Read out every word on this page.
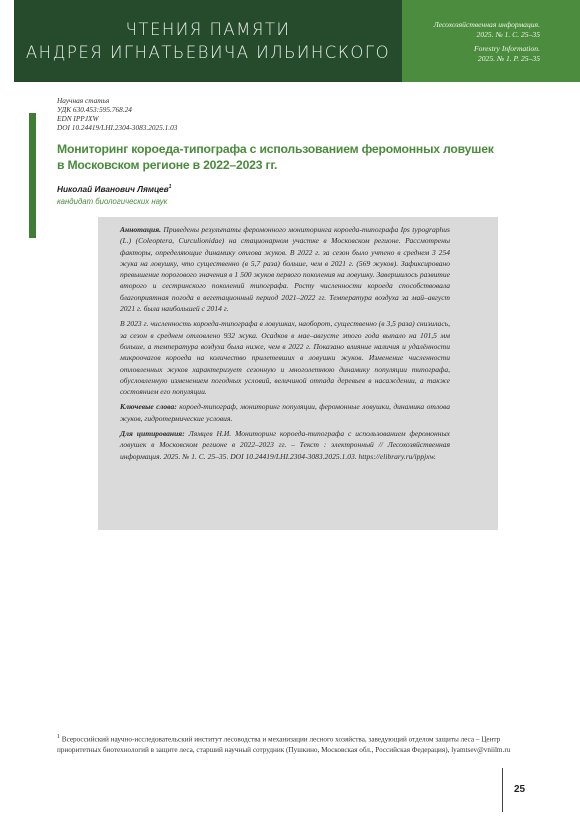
ЧТЕНИЯ ПАМЯТИ
АНДРЕЯ ИГНАТЬЕВИЧА ИЛЬИНСКОГО
Лесохозяйственная информация.
2025. № 1. С. 25–35
Forestry Information.
2025. № 1. P. 25–35
Научная статья
УДК 630.453:595.768.24
EDN IPPJXW
DOI 10.24419/LHI.2304-3083.2025.1.03
Мониторинг короеда-типографа с использованием феромонных ловушек
в Московском регионе в 2022–2023 гг.
Николай Иванович Лямцев$^1$
кандидат биологических наук

Аннотация. Приведены результаты феромонного мониторинга короеда-типографа Ips typographus (L.) (Coleoptera, Curculionidae) на стационарном участке в Московском регионе. Рассмотрены факторы, определяющие динамику отлова жуков. В 2022 г. за сезон было учтено в среднем 3 254 жука на ловушку, что существенно (в 5,7 раза) больше, чем в 2021 г. (569 жуков). Зафиксировано превышение порогового значения в 1 500 жуков первого поколения на ловушку. Завершилось развитие второго и сестринского поколений типографа. Росту численности короеда способствовала благоприятная погода в вегетационный период 2021–2022 гг. Температура воздуха за май–август 2021 г. была наибольшей с 2014 г.

В 2023 г. численность короеда-типографа в ловушках, наоборот, существенно (в 3,5 раза) снизилась, за сезон в среднем отловлено 932 жука. Осадков в мае–августе этого года выпало на 101,5 мм больше, а температура воздуха была ниже, чем в 2022 г. Показано влияние наличия и удалённости микроочагов короеда на количество прилетевших в ловушки жуков. Изменение численности отловленных жуков характеризует сезонную и многолетнюю динамику популяции типографа, обусловленную изменением погодных условий, величиной отпада деревьев в насаждении, а также состоянием его популяции.

Ключевые слова: короед-типограф, мониторинг популяции, феромонные ловушки, динамика отлова жуков, гидротермические условия.

Для цитирования: Лямцев Н.И. Мониторинг короеда-типографа с использованием феромонных ловушек в Московском регионе в 2022–2023 гг. – Текст : электронный // Лесохозяйственная информация. 2025. № 1. С. 25–35. DOI 10.24419/LHI.2304-3083.2025.1.03. https://elibrary.ru/ippjxw.

$^1$ Всероссийский научно-исследовательский институт лесоводства и механизации лесного хозяйства, заведующий отделом защиты леса – Центр приоритетных биотехнологий в защите леса, старший научный сотрудник (Пушкино, Московская обл., Российская Федерация), lyamtsev@vniilm.ru
25
